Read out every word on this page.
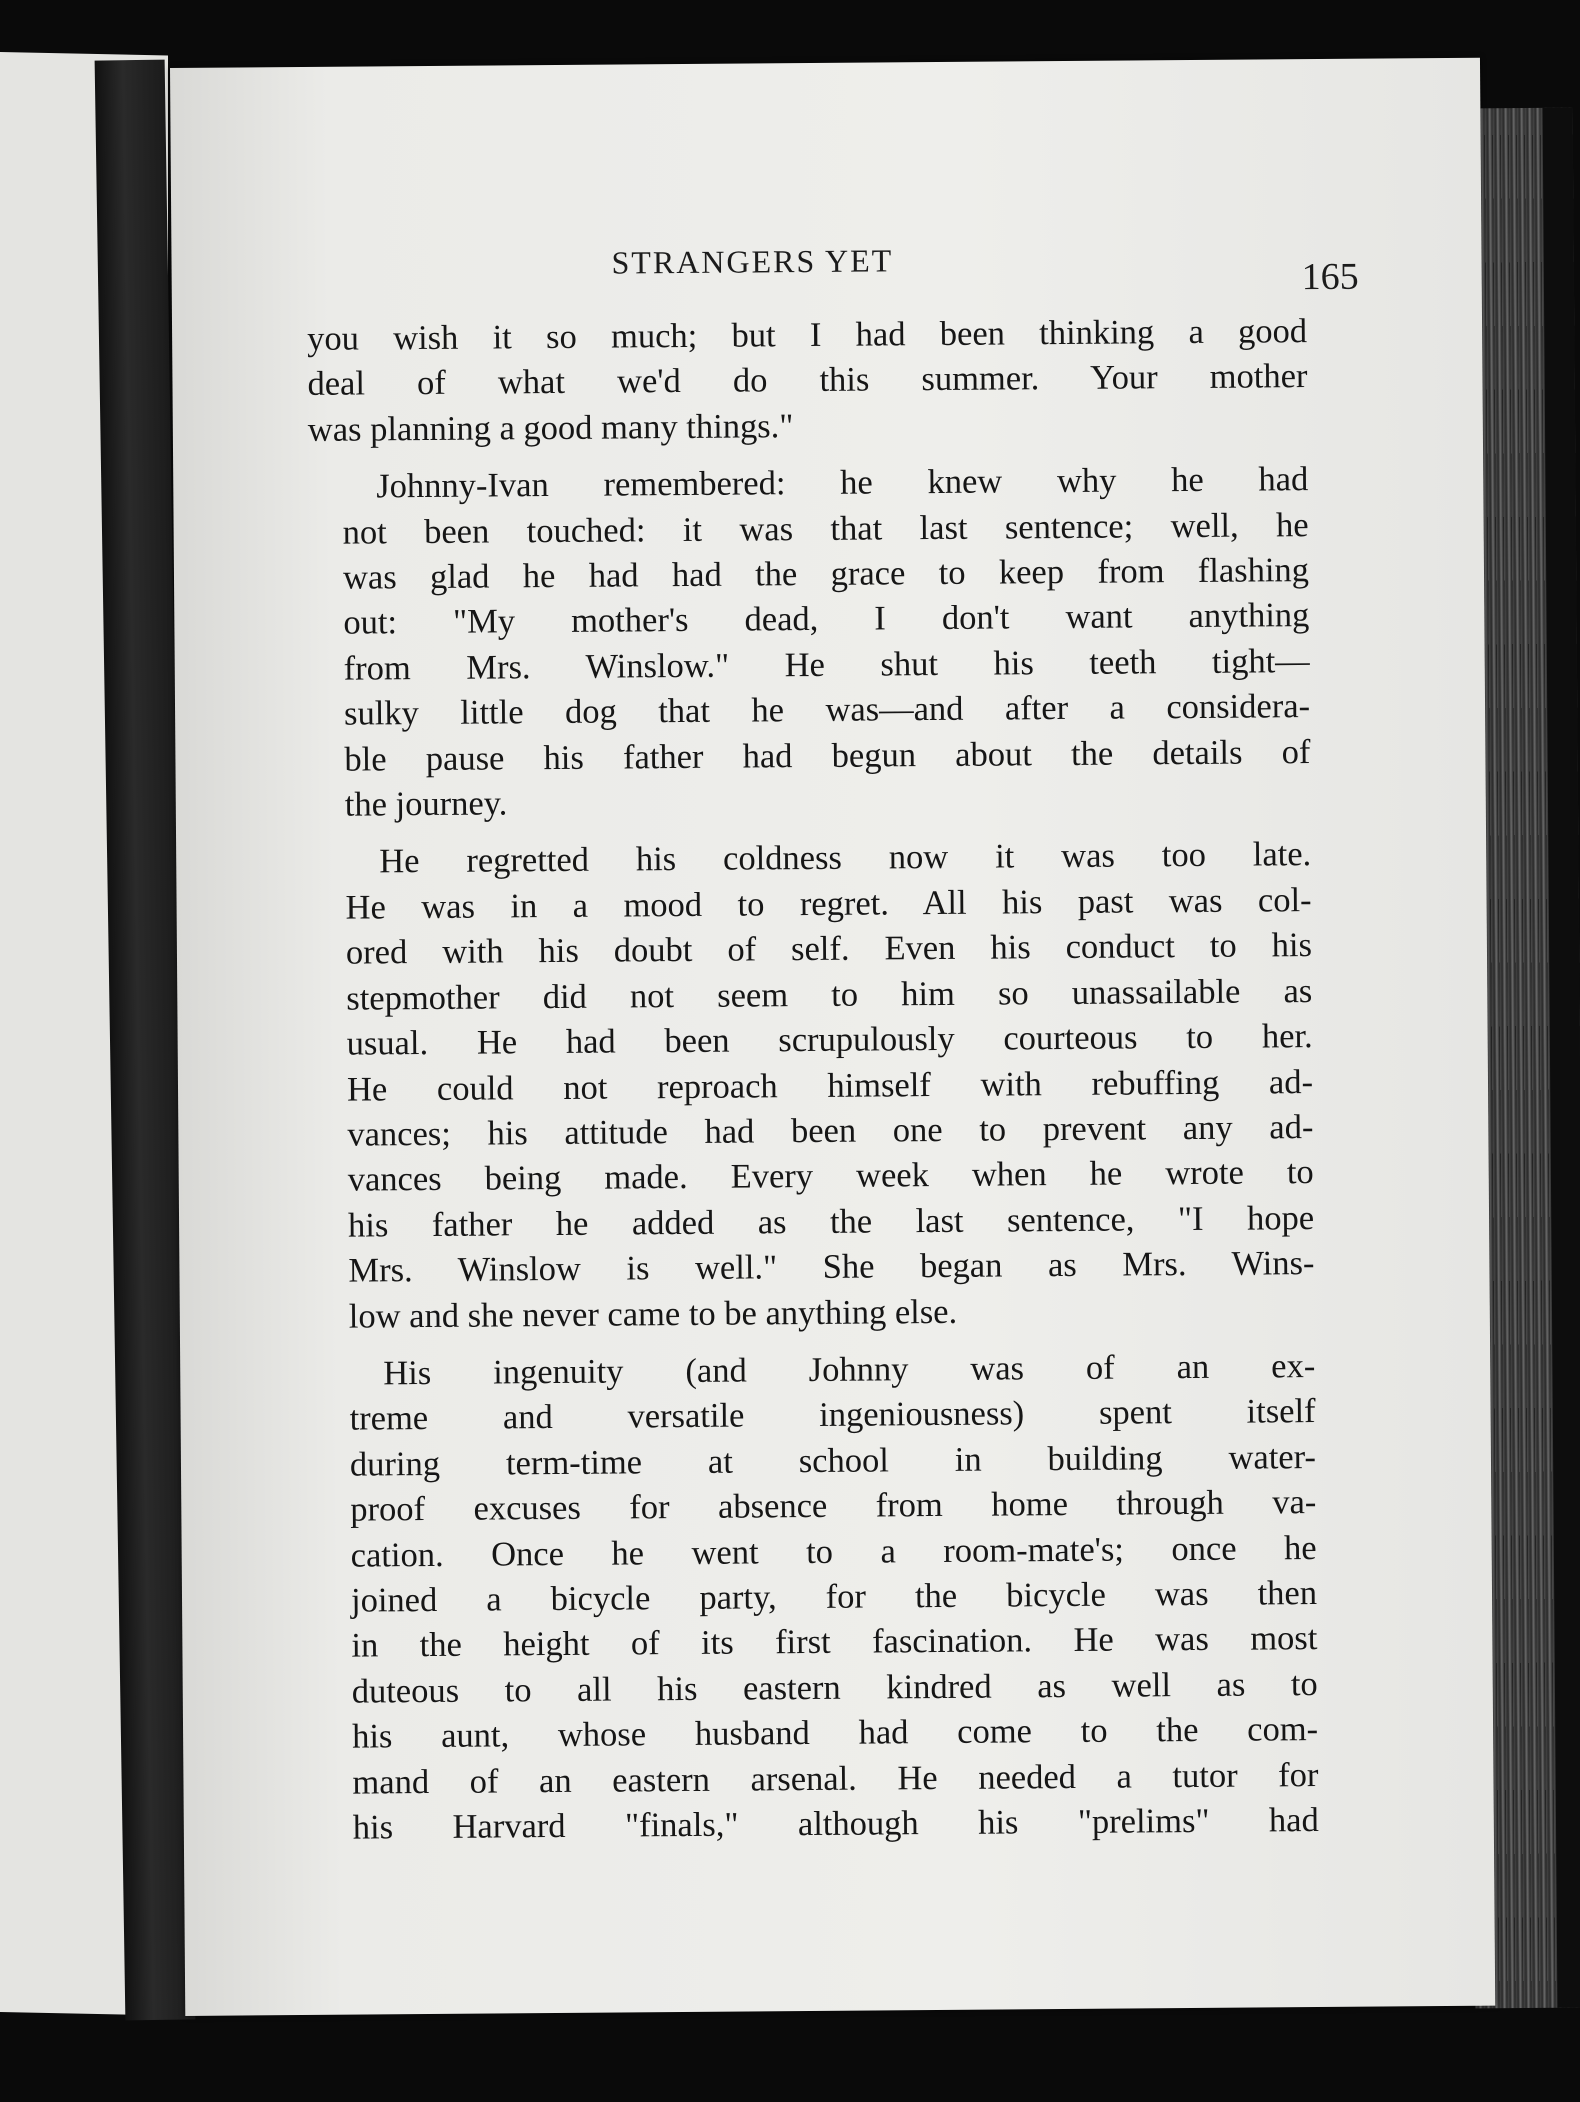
STRANGERS YET	165

you wish it so much; but I had been thinking a good
deal of what we'd do this summer. Your mother
was planning a good many things."

Johnny-Ivan remembered: he knew why he had
not been touched: it was that last sentence; well, he
was glad he had had the grace to keep from flashing
out: "My mother's dead, I don't want anything
from Mrs. Winslow." He shut his teeth tight—
sulky little dog that he was—and after a considera-
ble pause his father had begun about the details of
the journey.

He regretted his coldness now it was too late.
He was in a mood to regret. All his past was col-
ored with his doubt of self. Even his conduct to his
stepmother did not seem to him so unassailable as
usual. He had been scrupulously courteous to her.
He could not reproach himself with rebuffing ad-
vances; his attitude had been one to prevent any ad-
vances being made. Every week when he wrote to
his father he added as the last sentence, "I hope
Mrs. Winslow is well." She began as Mrs. Wins-
low and she never came to be anything else.

His ingenuity (and Johnny was of an ex-
treme and versatile ingeniousness) spent itself
during term-time at school in building water-
proof excuses for absence from home through va-
cation. Once he went to a room-mate's; once he
joined a bicycle party, for the bicycle was then
in the height of its first fascination. He was most
duteous to all his eastern kindred as well as to
his aunt, whose husband had come to the com-
mand of an eastern arsenal. He needed a tutor for
his Harvard "finals," although his "prelims" had
